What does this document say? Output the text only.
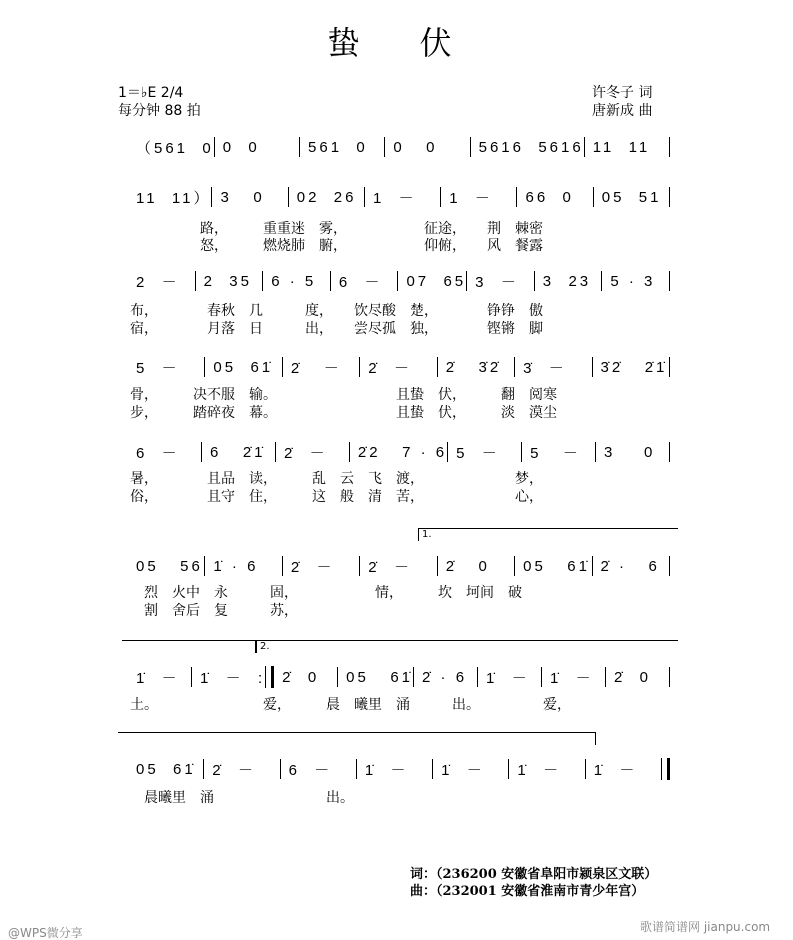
蛰　伏
1＝♭E 2/4
每分钟 88 拍
许冬子 词
唐新成 曲
1.
2.
（561  0 0  0	561  0	0   0	5616  5616 11  11
11  11） 3   0	02  26	1  －	1  －	66  0	05  51
2  －	2  35	6 · 5	6  －	07  65 3  －	3  23	5 · 3
5  －	05  61̇	2̇   －	2̇  －	2̇   3̇2̇	3̇  －	3̇2̇   2̇1̇
6  －	6   2̇1̇	2̇  －	2̇2   7 · 6 5  －	5   －	3    0
05   56 1̇ · 6	2̇  －	2̇  －	2̇   0	05   61̇ 2̇ ·   6
1̇  －	1̇  －  :	2̇  0	05   61̇ 2̇ · 6	1̇  －	1̇  －	2̇  0
05  61̇	2̇  －	6  －	1̇  －	1̇  －	1̇  －	1̇  －
　　　　　路，　　　重重迷　雾，　　　　　　征途，　　荆　棘密
　　　　　怒，　　　燃烧肺　腑，　　　　　　仰俯，　　风　餐露
布，　　　　春秋　几　　　度，　　饮尽酸　楚，　　　　铮铮　傲
宿，　　　　月落　日　　　出，　　尝尽孤　独，　　　　铿锵　脚
骨，　　　决不服　输。　　　　　　　　　且蛰　伏，　　　翻　阅寒
步，　　　踏碎夜　幕。　　　　　　　　　且蛰　伏，　　　淡　漠尘
暑，　　　　且品　读，　　　乱　云　飞　渡，　　　　　　　梦，
俗，　　　　且守　住，　　　这　般　清　苦，　　　　　　　心，
　烈　火中　永　　　固，　　　　　　情，　　　坎　坷间　破
　割　舍后　复　　　苏，
土。　　　　　　　　爱，　　　晨　曦里　涌　　　出。　　　　　爱，
　晨曦里　涌　　　　　　　　出。
词：（236200 安徽省阜阳市颍泉区文联）
曲：（232001 安徽省淮南市青少年宫）
@WPS微分享	歌谱简谱网 jianpu.com
